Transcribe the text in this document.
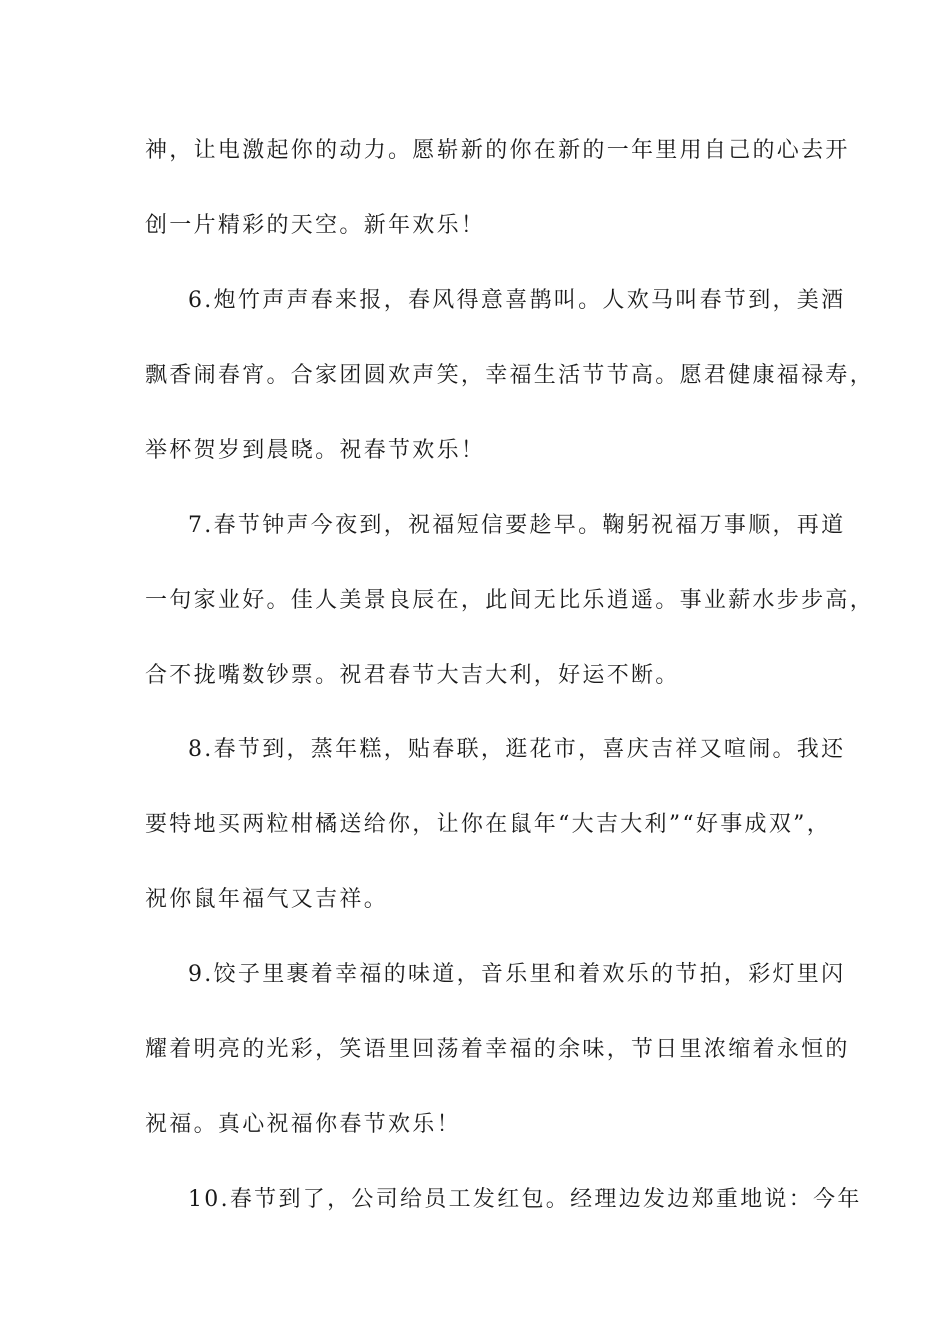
神，让电激起你的动力。愿崭新的你在新的一年里用自己的心去开
创一片精彩的天空。新年欢乐！
6.炮竹声声春来报，春风得意喜鹊叫。人欢马叫春节到，美酒
飘香闹春宵。合家团圆欢声笑，幸福生活节节高。愿君健康福禄寿，
举杯贺岁到晨晓。祝春节欢乐！
7.春节钟声今夜到，祝福短信要趁早。鞠躬祝福万事顺，再道
一句家业好。佳人美景良辰在，此间无比乐逍遥。事业薪水步步高，
合不拢嘴数钞票。祝君春节大吉大利，好运不断。
8.春节到，蒸年糕，贴春联，逛花市，喜庆吉祥又喧闹。我还
要特地买两粒柑橘送给你，让你在鼠年“大吉大利”“好事成双”，
祝你鼠年福气又吉祥。
9.饺子里裹着幸福的味道，音乐里和着欢乐的节拍，彩灯里闪
耀着明亮的光彩，笑语里回荡着幸福的余味，节日里浓缩着永恒的
祝福。真心祝福你春节欢乐！
10.春节到了，公司给员工发红包。经理边发边郑重地说：今年
